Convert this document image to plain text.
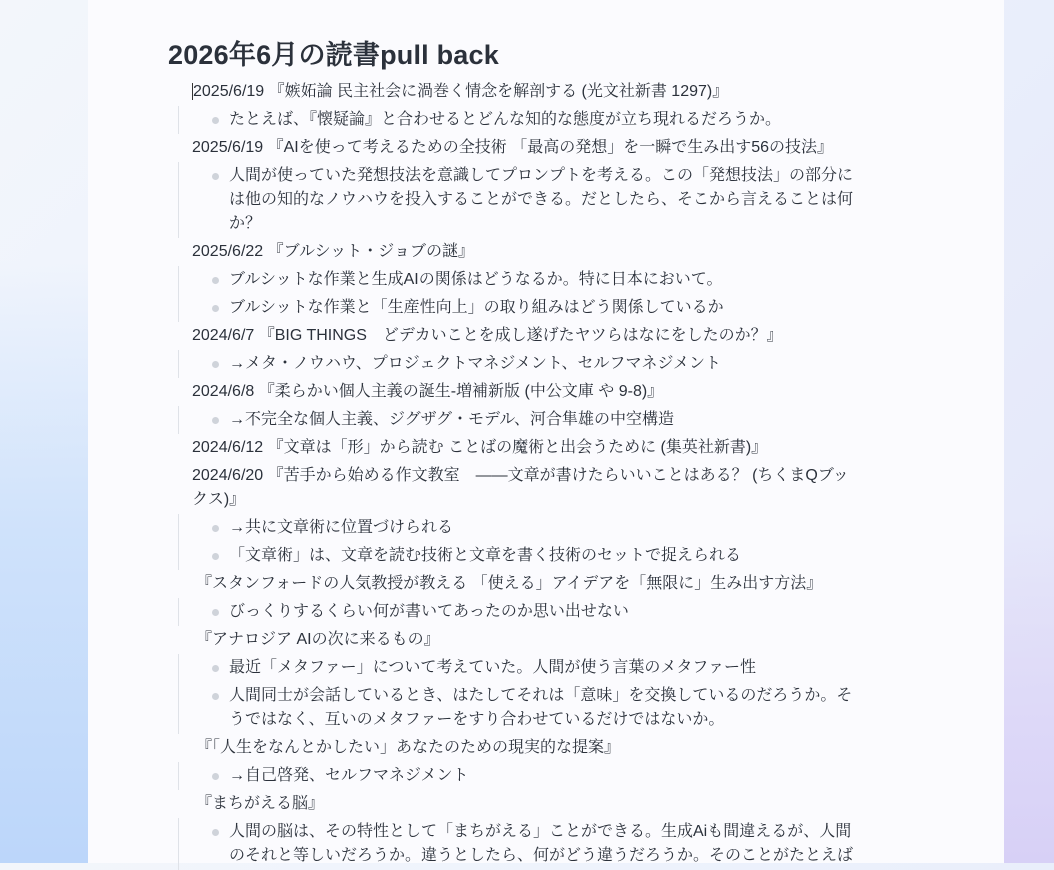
2026年6月の読書pull back
2025/6/19 『嫉妬論 民主社会に渦巻く情念を解剖する (光文社新書 1297)』
たとえば、『懐疑論』と合わせるとどんな知的な態度が立ち現れるだろうか。
2025/6/19 『AIを使って考えるための全技術 「最高の発想」を一瞬で生み出す56の技法』
人間が使っていた発想技法を意識してプロンプトを考える。この「発想技法」の部分には他の知的なノウハウを投入することができる。だとしたら、そこから言えることは何か？
2025/6/22 『ブルシット・ジョブの謎』
ブルシットな作業と生成AIの関係はどうなるか。特に日本において。
ブルシットな作業と「生産性向上」の取り組みはどう関係しているか
2024/6/7 『BIG THINGS　どデカいことを成し遂げたヤツらはなにをしたのか？』
→メタ・ノウハウ、プロジェクトマネジメント、セルフマネジメント
2024/6/8 『柔らかい個人主義の誕生-増補新版 (中公文庫 や 9-8)』
→不完全な個人主義、ジグザグ・モデル、河合隼雄の中空構造
2024/6/12 『文章は「形」から読む ことばの魔術と出会うために (集英社新書)』
2024/6/20 『苦手から始める作文教室　――文章が書けたらいいことはある？ (ちくまQブックス)』
→共に文章術に位置づけられる
「文章術」は、文章を読む技術と文章を書く技術のセットで捉えられる
『スタンフォードの人気教授が教える 「使える」アイデアを「無限に」生み出す方法』
びっくりするくらい何が書いてあったのか思い出せない
『アナロジア AIの次に来るもの』
最近「メタファー」について考えていた。人間が使う言葉のメタファー性
人間同士が会話しているとき、はたしてそれは「意味」を交換しているのだろうか。そうではなく、互いのメタファーをすり合わせているだけではないか。
『「人生をなんとかしたい」あなたのための現実的な提案』
→自己啓発、セルフマネジメント
『まちがえる脳』
人間の脳は、その特性として「まちがえる」ことができる。生成Aiも間違えるが、人間のそれと等しいだろうか。違うとしたら、何がどう違うだろうか。そのことがたとえば
